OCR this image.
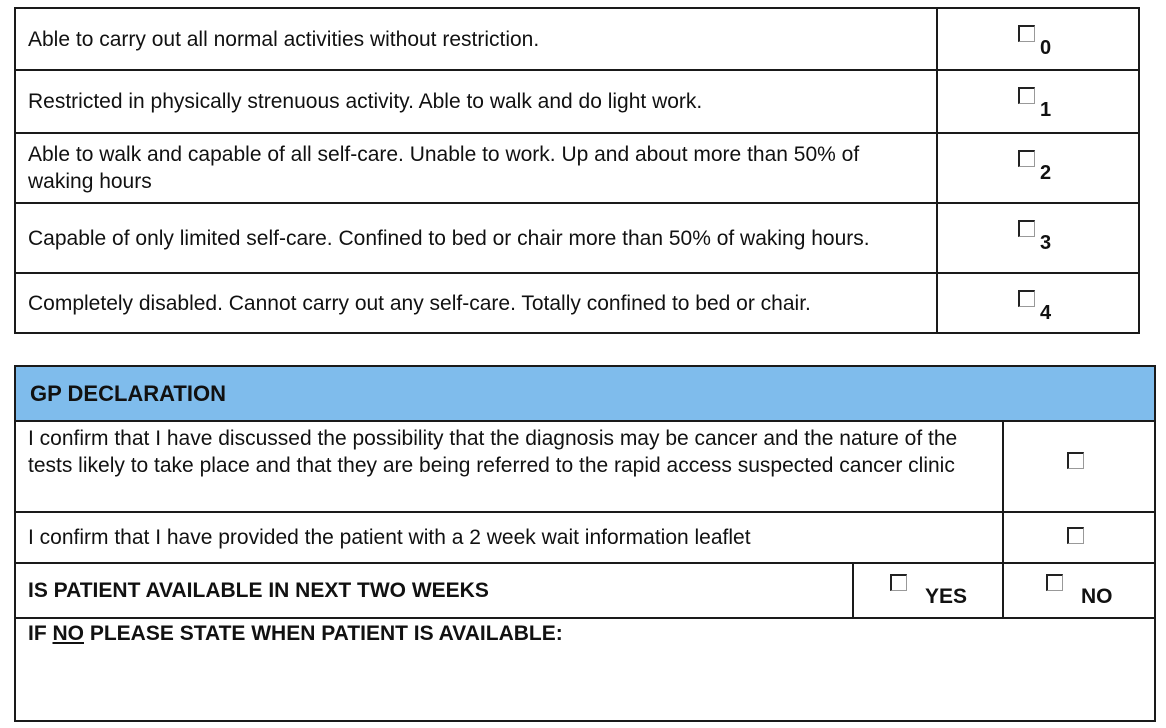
Able to carry out all normal activities without restriction.	0
Restricted in physically strenuous activity. Able to walk and do light work.	1
Able to walk and capable of all self-care. Unable to work. Up and about more than 50% of waking hours	2
Capable of only limited self-care. Confined to bed or chair more than 50% of waking hours.	3
Completely disabled. Cannot carry out any self-care. Totally confined to bed or chair.	4
GP DECLARATION
I confirm that I have discussed the possibility that the diagnosis may be cancer and the nature of the tests likely to take place and that they are being referred to the rapid access suspected cancer clinic
I confirm that I have provided the patient with a 2 week wait information leaflet
IS PATIENT AVAILABLE IN NEXT TWO WEEKS	YES	NO
IF NO PLEASE STATE WHEN PATIENT IS AVAILABLE:
